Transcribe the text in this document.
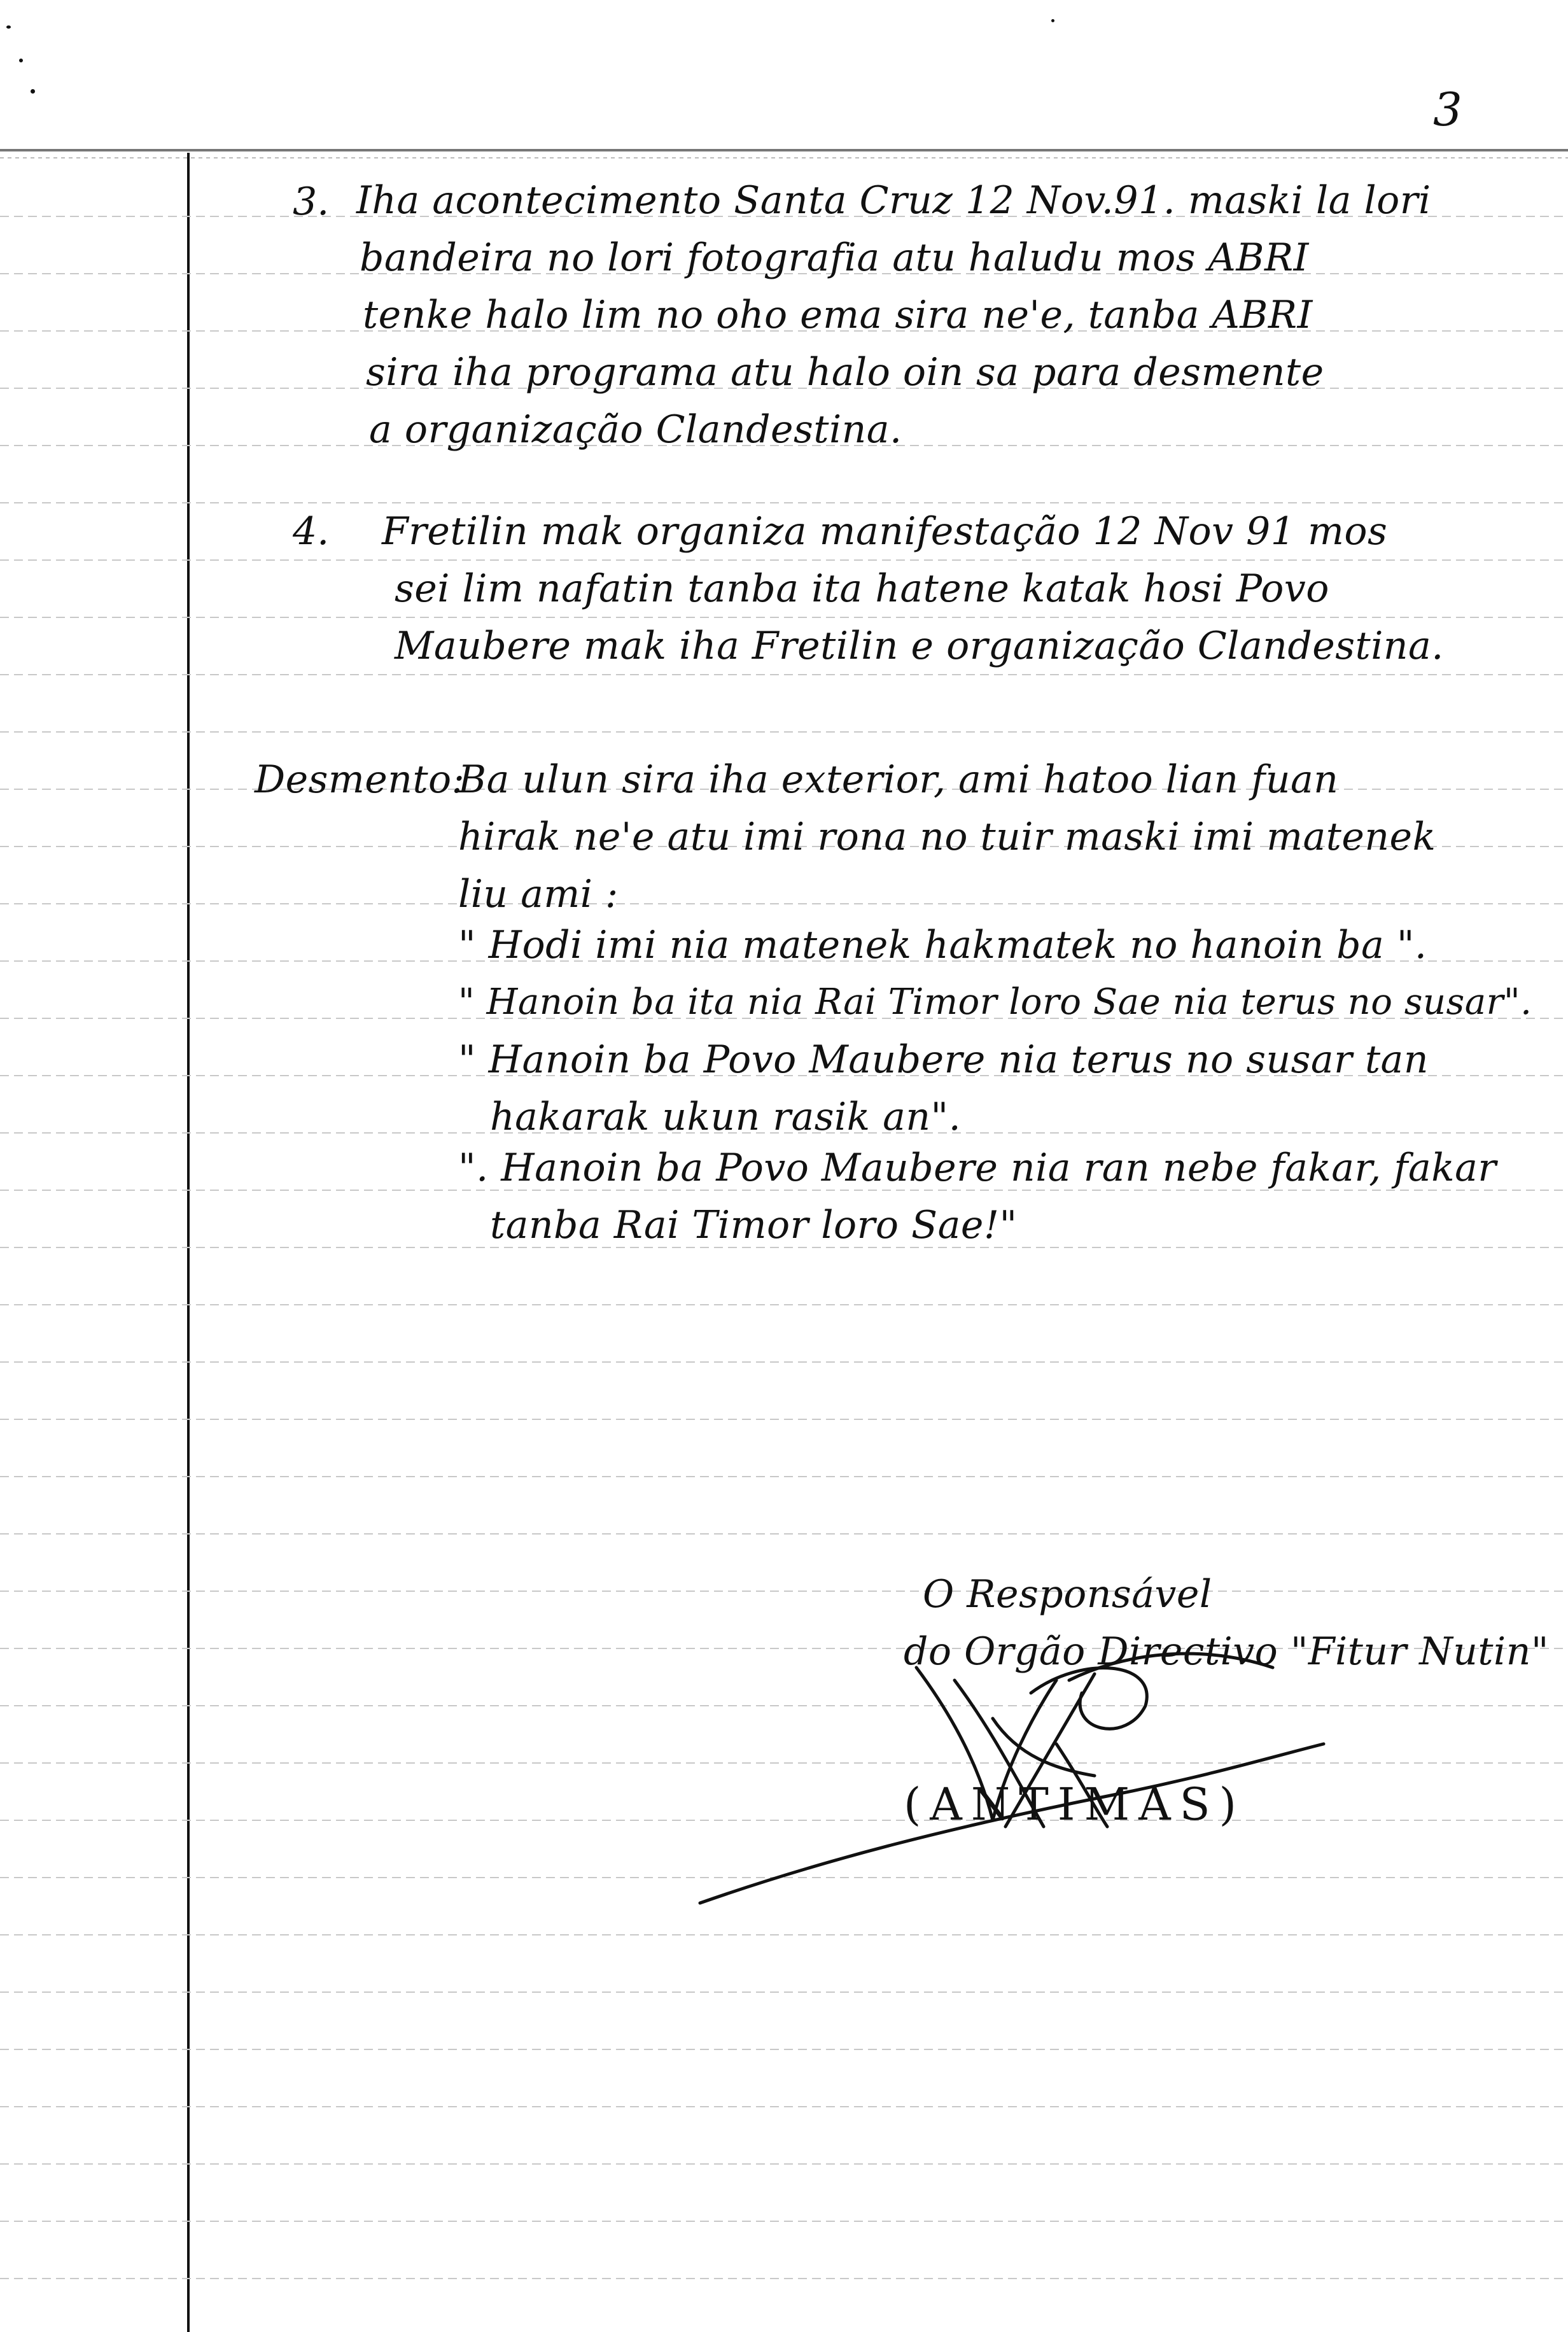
3
3. Iha acontecimento Santa Cruz 12 Nov.91. maski la lori
bandeira no lori fotografia atu haludu mos ABRI
tenke halo lim no oho ema sira ne'e, tanba ABRI
sira iha programa atu halo oin sa para desmente
a organização Clandestina.
4. Fretilin mak organiza manifestação 12 Nov 91 mos
sei lim nafatin tanba ita hatene katak hosi Povo
Maubere mak iha Fretilin e organização Clandestina.
Desmento:
Ba ulun sira iha exterior, ami hatoo lian fuan
hirak ne'e atu imi rona no tuir maski imi matenek
liu ami :
" Hodi imi nia matenek hakmatek no hanoin ba ".
" Hanoin ba ita nia Rai Timor loro Sae nia terus no susar".
" Hanoin ba Povo Maubere nia terus no susar tan
hakarak ukun rasik an".
". Hanoin ba Povo Maubere nia ran nebe fakar, fakar
tanba Rai Timor loro Sae!"
O Responsável
do Orgão Directivo "Fitur Nutin"
(ANTIMAS)
